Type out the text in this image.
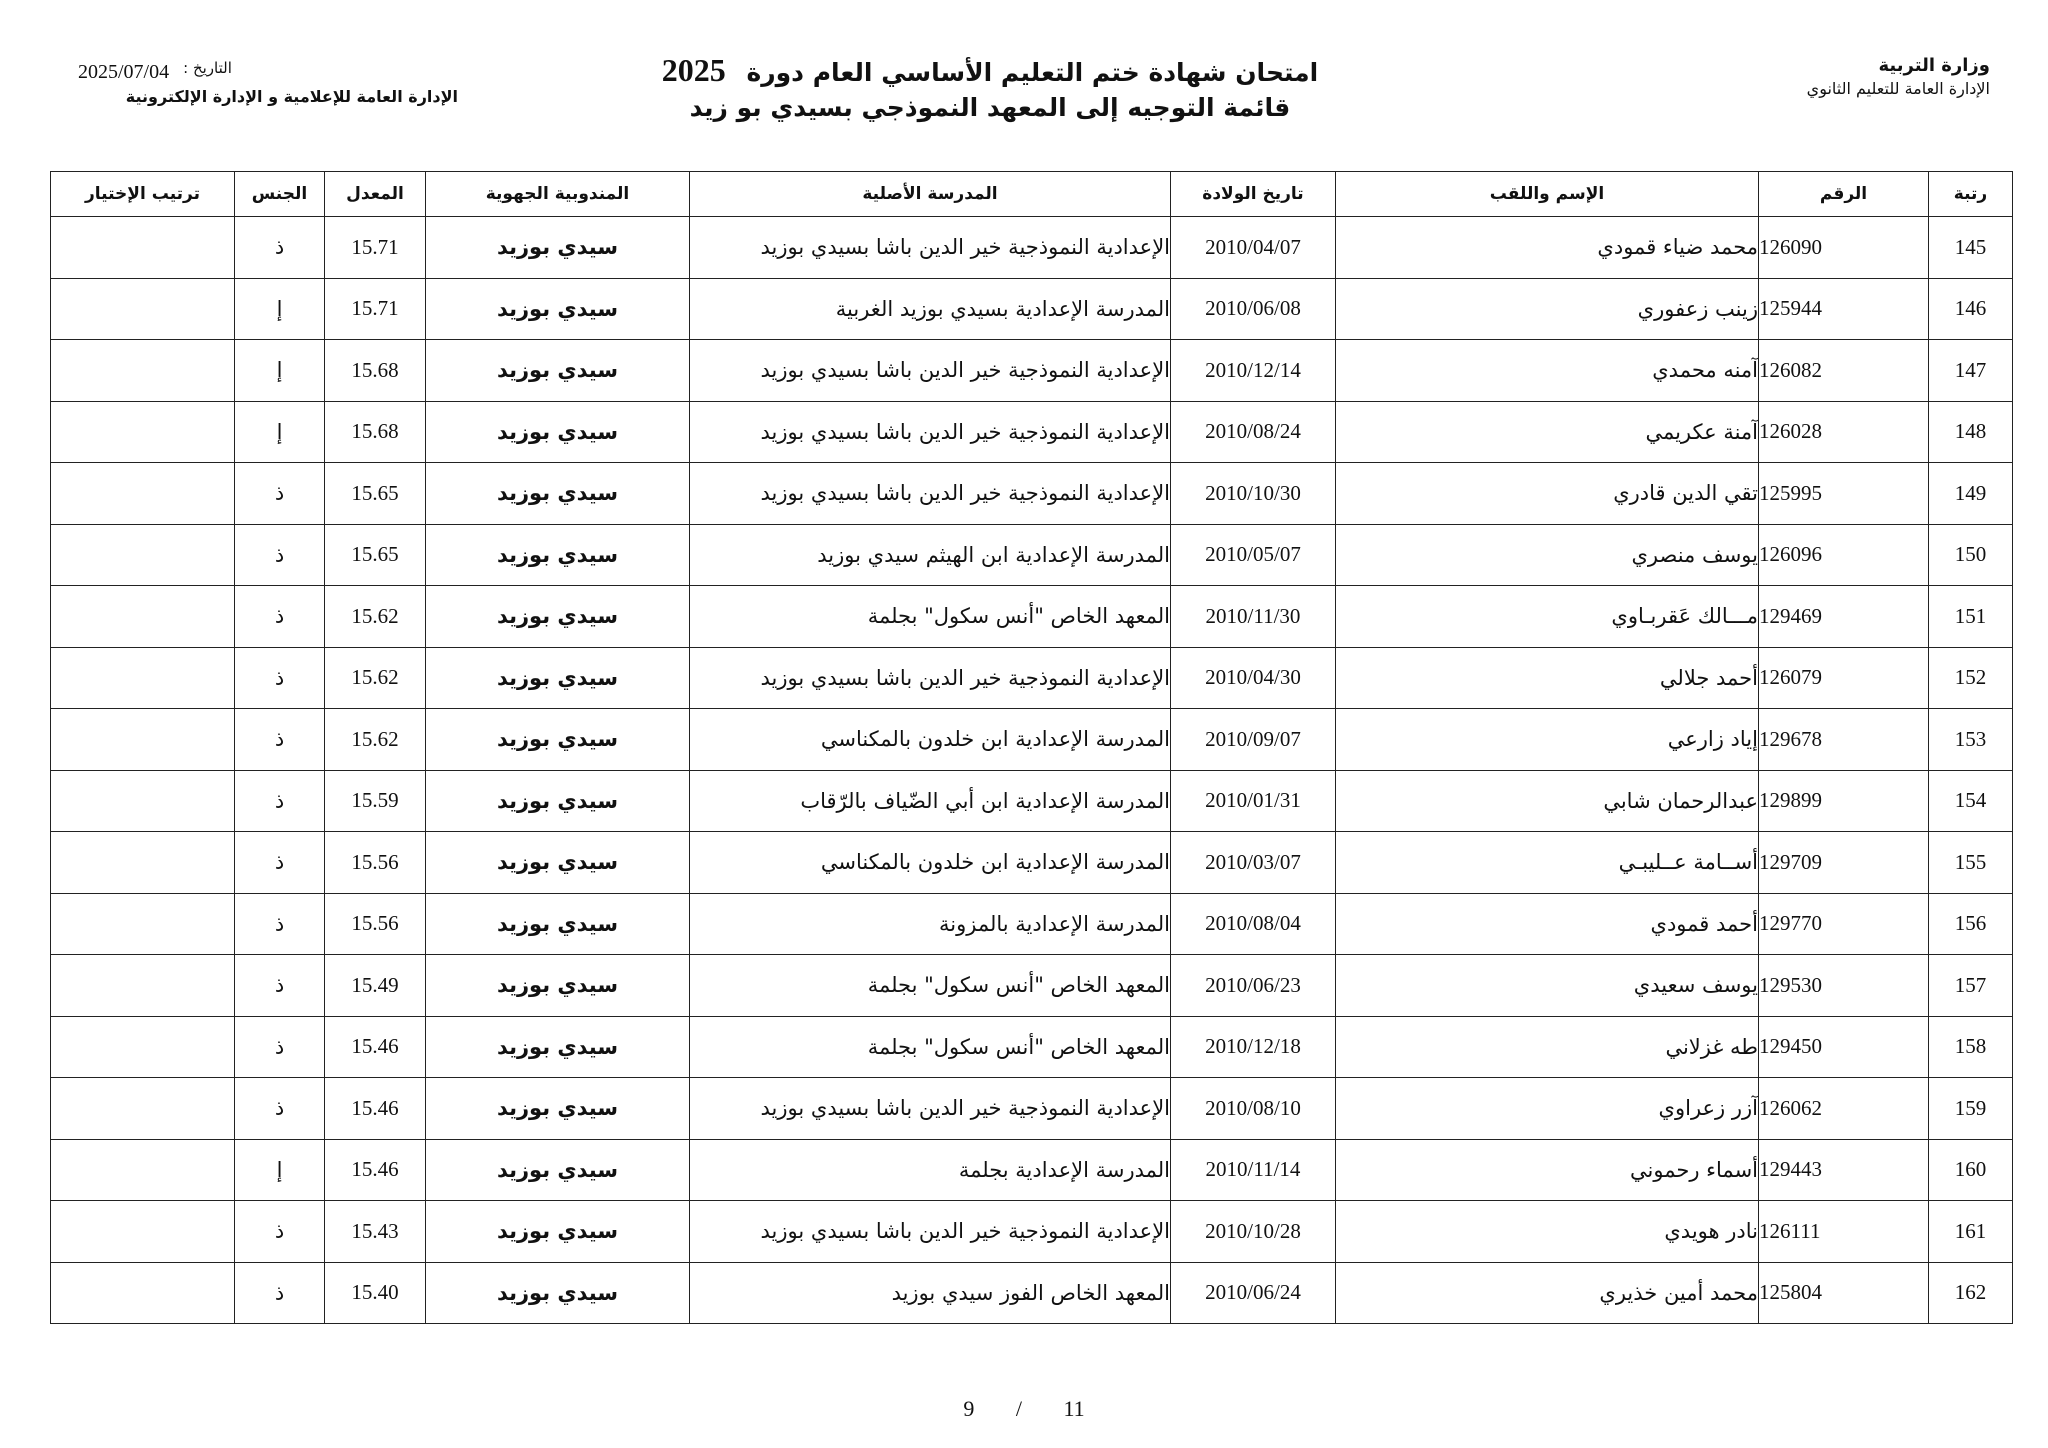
وزارة التربية
الإدارة العامة للتعليم الثانوي
امتحان شهادة ختم التعليم الأساسي العام دورة 2025
قائمة التوجيه إلى المعهد النموذجي بسيدي بو زيد
التاريخ :
2025/07/04
الإدارة العامة للإعلامية و الإدارة الإلكترونية
رتبة	الرقم	الإسم واللقب	تاريخ الولادة	المدرسة الأصلية	المندوبية الجهوية	المعدل	الجنس	ترتيب الإختيار
145	126090	محمد ضياء قمودي	2010/04/07	الإعدادية النموذجية خير الدين باشا بسيدي بوزيد	سيدي بوزيد	15.71	ذ	
146	125944	زينب زعفوري	2010/06/08	المدرسة الإعدادية بسيدي بوزيد الغربية	سيدي بوزيد	15.71	إ	
147	126082	آمنه محمدي	2010/12/14	الإعدادية النموذجية خير الدين باشا بسيدي بوزيد	سيدي بوزيد	15.68	إ	
148	126028	آمنة عكريمي	2010/08/24	الإعدادية النموذجية خير الدين باشا بسيدي بوزيد	سيدي بوزيد	15.68	إ	
149	125995	تقي الدين قادري	2010/10/30	الإعدادية النموذجية خير الدين باشا بسيدي بوزيد	سيدي بوزيد	15.65	ذ	
150	126096	يوسف منصري	2010/05/07	المدرسة الإعدادية ابن الهيثم سيدي بوزيد	سيدي بوزيد	15.65	ذ	
151	129469	مـــالك عَقربـاوي	2010/11/30	المعهد الخاص "أنس سكول" بجلمة	سيدي بوزيد	15.62	ذ	
152	126079	أحمد جلالي	2010/04/30	الإعدادية النموذجية خير الدين باشا بسيدي بوزيد	سيدي بوزيد	15.62	ذ	
153	129678	إياد زارعي	2010/09/07	المدرسة الإعدادية ابن خلدون بالمكناسي	سيدي بوزيد	15.62	ذ	
154	129899	عبدالرحمان شابي	2010/01/31	المدرسة الإعدادية ابن أبي الضّياف بالرّقاب	سيدي بوزيد	15.59	ذ	
155	129709	أســامة عــليبـي	2010/03/07	المدرسة الإعدادية ابن خلدون بالمكناسي	سيدي بوزيد	15.56	ذ	
156	129770	أحمد قمودي	2010/08/04	المدرسة الإعدادية بالمزونة	سيدي بوزيد	15.56	ذ	
157	129530	يوسف سعيدي	2010/06/23	المعهد الخاص "أنس سكول" بجلمة	سيدي بوزيد	15.49	ذ	
158	129450	طه غزلاني	2010/12/18	المعهد الخاص "أنس سكول" بجلمة	سيدي بوزيد	15.46	ذ	
159	126062	آزر زعراوي	2010/08/10	الإعدادية النموذجية خير الدين باشا بسيدي بوزيد	سيدي بوزيد	15.46	ذ	
160	129443	أسماء رحموني	2010/11/14	المدرسة الإعدادية بجلمة	سيدي بوزيد	15.46	إ	
161	126111	نادر هويدي	2010/10/28	الإعدادية النموذجية خير الدين باشا بسيدي بوزيد	سيدي بوزيد	15.43	ذ	
162	125804	محمد أمين خذيري	2010/06/24	المعهد الخاص الفوز سيدي بوزيد	سيدي بوزيد	15.40	ذ	
9 / 11
